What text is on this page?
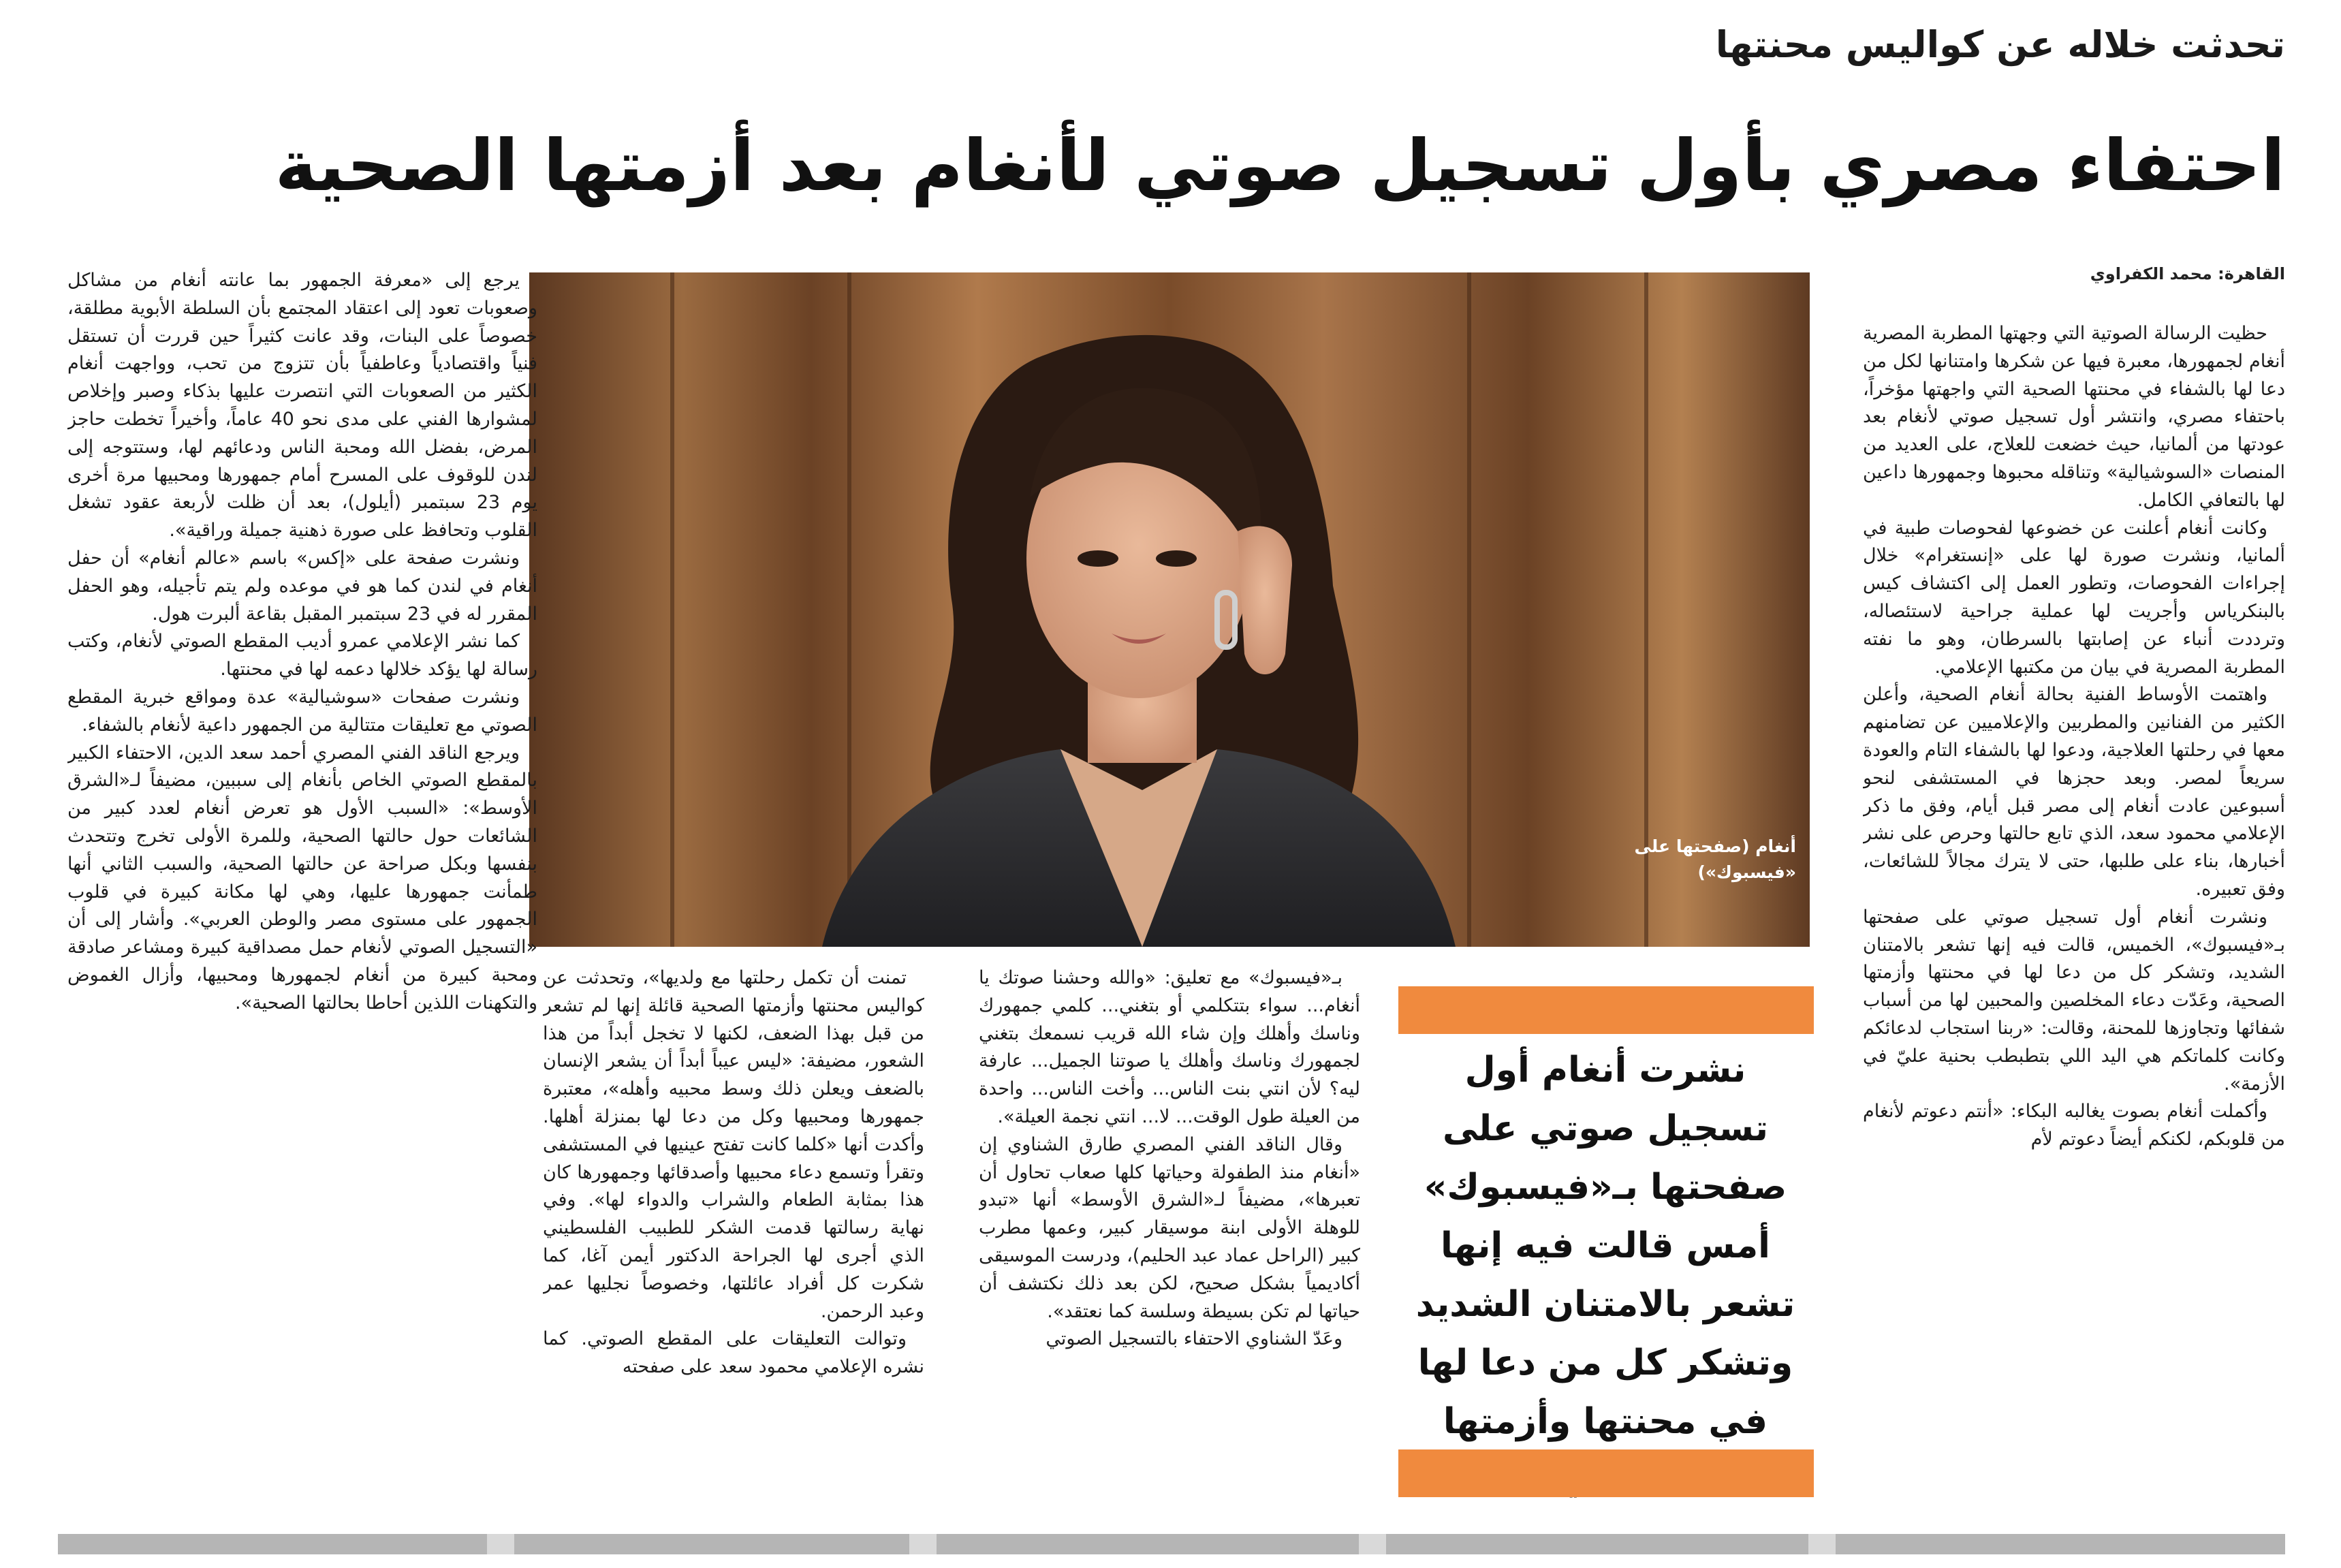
تحدثت خلاله عن كواليس محنتها
احتفاء مصري بأول تسجيل صوتي لأنغام بعد أزمتها الصحية
القاهرة: محمد الكفراوي

حظيت الرسالة الصوتية التي وجهتها المطربة المصرية أنغام لجمهورها، معبرة فيها عن شكرها وامتنانها لكل من دعا لها بالشفاء في محنتها الصحية التي واجهتها مؤخراً، باحتفاء مصري، وانتشر أول تسجيل صوتي لأنغام بعد عودتها من ألمانيا، حيث خضعت للعلاج، على العديد من المنصات «السوشيالية» وتناقله محبوها وجمهورها داعين لها بالتعافي الكامل.

وكانت أنغام أعلنت عن خضوعها لفحوصات طبية في ألمانيا، ونشرت صورة لها على «إنستغرام» خلال إجراءات الفحوصات، وتطور العمل إلى اكتشاف كيس بالبنكرياس وأجريت لها عملية جراحية لاستئصاله، وترددت أنباء عن إصابتها بالسرطان، وهو ما نفته المطربة المصرية في بيان من مكتبها الإعلامي.

واهتمت الأوساط الفنية بحالة أنغام الصحية، وأعلن الكثير من الفنانين والمطربين والإعلاميين عن تضامنهم معها في رحلتها العلاجية، ودعوا لها بالشفاء التام والعودة سريعاً لمصر. وبعد حجزها في المستشفى لنحو أسبوعين عادت أنغام إلى مصر قبل أيام، وفق ما ذكر الإعلامي محمود سعد، الذي تابع حالتها وحرص على نشر أخبارها، بناء على طلبها، حتى لا يترك مجالاً للشائعات، وفق تعبيره.

ونشرت أنغام أول تسجيل صوتي على صفحتها بـ«فيسبوك»، الخميس، قالت فيه إنها تشعر بالامتنان الشديد، وتشكر كل من دعا لها في محنتها وأزمتها الصحية، وعَدّت دعاء المخلصين والمحبين لها من أسباب شفائها وتجاوزها للمحنة، وقالت: «ربنا استجاب لدعائكم وكانت كلماتكم هي اليد اللي بتطبطب بحنية عليّ في الأزمة».

وأكملت أنغام بصوت يغالبه البكاء: «أنتم دعوتم لأنغام من قلوبكم، لكنكم أيضاً دعوتم لأم

أنغام (صفحتها على «فيسبوك»)
نشرت أنغام أول تسجيل صوتي على صفحتها بـ«فيسبوك» أمس قالت فيه إنها تشعر بالامتنان الشديد وتشكر كل من دعا لها في محنتها وأزمتها

تمنت أن تكمل رحلتها مع ولديها»، وتحدثت عن كواليس محنتها وأزمتها الصحية قائلة إنها لم تشعر من قبل بهذا الضعف، لكنها لا تخجل أبداً من هذا الشعور، مضيفة: «ليس عيباً أبداً أن يشعر الإنسان بالضعف ويعلن ذلك وسط محبيه وأهله»، معتبرة جمهورها ومحبيها وكل من دعا لها بمنزلة أهلها. وأكدت أنها «كلما كانت تفتح عينيها في المستشفى وتقرأ وتسمع دعاء محبيها وأصدقائها وجمهورها كان هذا بمثابة الطعام والشراب والدواء لها». وفي نهاية رسالتها قدمت الشكر للطبيب الفلسطيني الذي أجرى لها الجراحة الدكتور أيمن آغا، كما شكرت كل أفراد عائلتها، وخصوصاً نجليها عمر وعبد الرحمن.

وتوالت التعليقات على المقطع الصوتي. كما نشره الإعلامي محمود سعد على صفحته

بـ«فيسبوك» مع تعليق: «والله وحشنا صوتك يا أنغام... سواء بتتكلمي أو بتغني... كلمي جمهورك وناسك وأهلك وإن شاء الله قريب نسمعك بتغني لجمهورك وناسك وأهلك يا صوتنا الجميل... عارفة ليه؟ لأن انتي بنت الناس... وأخت الناس... واحدة من العيلة طول الوقت... لا... انتي نجمة العيلة».

وقال الناقد الفني المصري طارق الشناوي إن «أنغام منذ الطفولة وحياتها كلها صعاب تحاول أن تعبرها»، مضيفاً لـ«الشرق الأوسط» أنها «تبدو للوهلة الأولى ابنة موسيقار كبير، وعمها مطرب كبير (الراحل عماد عبد الحليم)، ودرست الموسيقى أكاديمياً بشكل صحيح، لكن بعد ذلك نكتشف أن حياتها لم تكن بسيطة وسلسة كما نعتقد».

وعَدّ الشناوي الاحتفاء بالتسجيل الصوتي

يرجع إلى «معرفة الجمهور بما عانته أنغام من مشاكل وصعوبات تعود إلى اعتقاد المجتمع بأن السلطة الأبوية مطلقة، خصوصاً على البنات، وقد عانت كثيراً حين قررت أن تستقل فنياً واقتصادياً وعاطفياً بأن تتزوج من تحب، وواجهت أنغام الكثير من الصعوبات التي انتصرت عليها بذكاء وصبر وإخلاص لمشوارها الفني على مدى نحو 40 عاماً، وأخيراً تخطت حاجز المرض، بفضل الله ومحبة الناس ودعائهم لها، وستتوجه إلى لندن للوقوف على المسرح أمام جمهورها ومحبيها مرة أخرى يوم 23 سبتمبر (أيلول)، بعد أن ظلت لأربعة عقود تشغل القلوب وتحافظ على صورة ذهنية جميلة وراقية».

ونشرت صفحة على «إكس» باسم «عالم أنغام» أن حفل أنغام في لندن كما هو في موعده ولم يتم تأجيله، وهو الحفل المقرر له في 23 سبتمبر المقبل بقاعة ألبرت هول.

كما نشر الإعلامي عمرو أديب المقطع الصوتي لأنغام، وكتب رسالة لها يؤكد خلالها دعمه لها في محنتها.

ونشرت صفحات «سوشيالية» عدة ومواقع خبرية المقطع الصوتي مع تعليقات متتالية من الجمهور داعية لأنغام بالشفاء.

ويرجع الناقد الفني المصري أحمد سعد الدين، الاحتفاء الكبير بالمقطع الصوتي الخاص بأنغام إلى سببين، مضيفاً لـ«الشرق الأوسط»: «السبب الأول هو تعرض أنغام لعدد كبير من الشائعات حول حالتها الصحية، وللمرة الأولى تخرج وتتحدث بنفسها وبكل صراحة عن حالتها الصحية، والسبب الثاني أنها طمأنت جمهورها عليها، وهي لها مكانة كبيرة في قلوب الجمهور على مستوى مصر والوطن العربي». وأشار إلى أن «التسجيل الصوتي لأنغام حمل مصداقية كبيرة ومشاعر صادقة ومحبة كبيرة من أنغام لجمهورها ومحبيها، وأزال الغموض والتكهنات اللذين أحاطا بحالتها الصحية».
